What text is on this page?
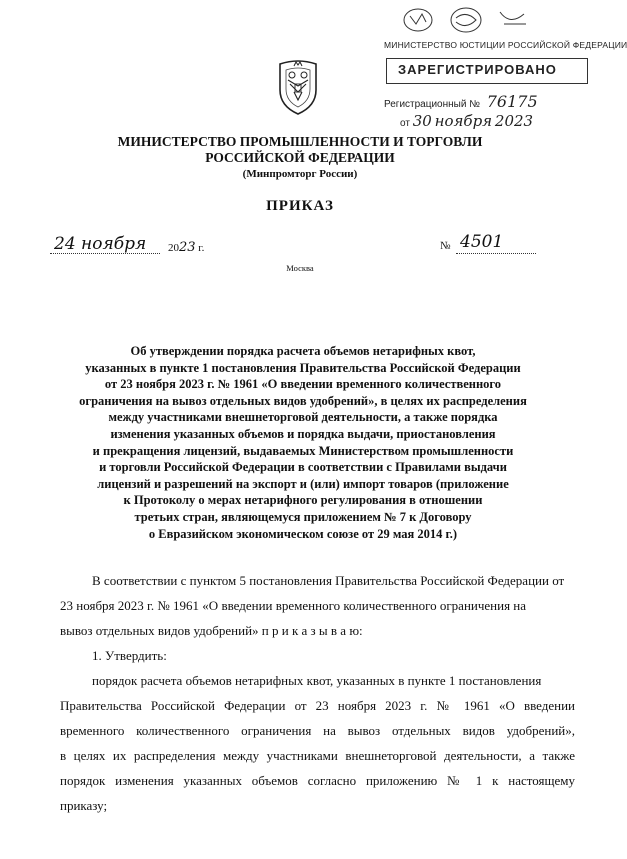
МИНИСТЕРСТВО ЮСТИЦИИ РОССИЙСКОЙ ФЕДЕРАЦИИ
ЗАРЕГИСТРИРОВАНО
Регистрационный № 76175
от 30 ноября 2023
МИНИСТЕРСТВО ПРОМЫШЛЕННОСТИ И ТОРГОВЛИ
РОССИЙСКОЙ ФЕДЕРАЦИИ
(Минпромторг России)
ПРИКАЗ
24 ноября 2023 г.	№ 4501
Москва
Об утверждении порядка расчета объемов нетарифных квот,
указанных в пункте 1 постановления Правительства Российской Федерации
от 23 ноября 2023 г. № 1961 «О введении временного количественного
ограничения на вывоз отдельных видов удобрений», в целях их распределения
между участниками внешнеторговой деятельности, а также порядка
изменения указанных объемов и порядка выдачи, приостановления
и прекращения лицензий, выдаваемых Министерством промышленности
и торговли Российской Федерации в соответствии с Правилами выдачи
лицензий и разрешений на экспорт и (или) импорт товаров (приложение
к Протоколу о мерах нетарифного регулирования в отношении
третьих стран, являющемуся приложением № 7 к Договору
о Евразийском экономическом союзе от 29 мая 2014 г.)
В соответствии с пунктом 5 постановления Правительства Российской Федерации от
23 ноября 2023 г. № 1961 «О введении временного количественного ограничения на
вывоз отдельных видов удобрений» п р и к а з ы в а ю:
1. Утвердить:
порядок расчета объемов нетарифных квот, указанных в пункте 1 постановления
Правительства Российской Федерации от 23 ноября 2023 г. № 1961 «О введении
временного количественного ограничения на вывоз отдельных видов удобрений»,
в целях их распределения между участниками внешнеторговой деятельности, а также
порядок изменения указанных объемов согласно приложению № 1 к настоящему
приказу;
